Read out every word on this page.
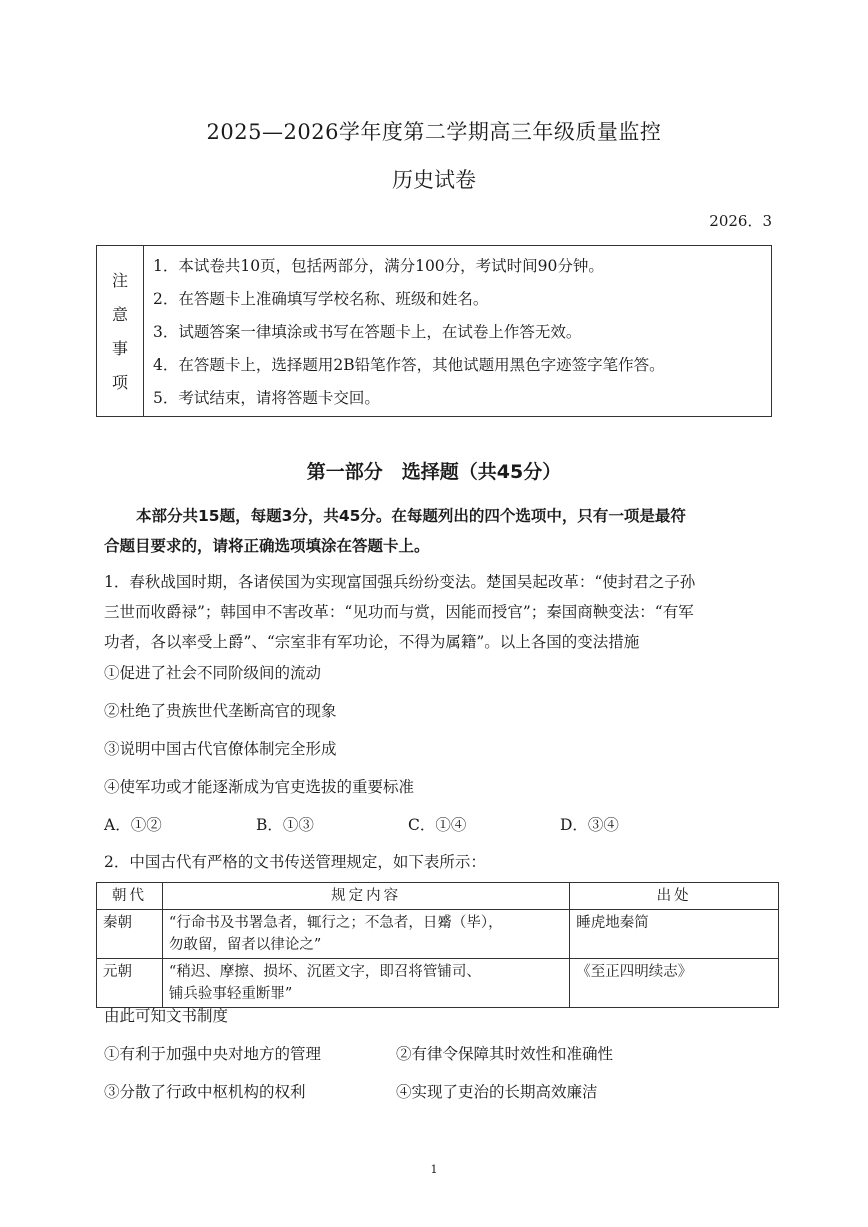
2025—2026学年度第二学期高三年级质量监控
历史试卷
2026．3
注
意
事
项
1．本试卷共10页，包括两部分，满分100分，考试时间90分钟。
2．在答题卡上准确填写学校名称、班级和姓名。
3．试题答案一律填涂或书写在答题卡上，在试卷上作答无效。
4．在答题卡上，选择题用2B铅笔作答，其他试题用黑色字迹签字笔作答。
5．考试结束，请将答题卡交回。
第一部分　选择题（共45分）
本部分共15题，每题3分，共45分。在每题列出的四个选项中，只有一项是最符
合题目要求的，请将正确选项填涂在答题卡上。
1．春秋战国时期，各诸侯国为实现富国强兵纷纷变法。楚国吴起改革：“使封君之子孙
三世而收爵禄”；韩国申不害改革：“见功而与赏，因能而授官”；秦国商鞅变法：“有军
功者，各以率受上爵”、“宗室非有军功论，不得为属籍”。以上各国的变法措施
①促进了社会不同阶级间的流动
②杜绝了贵族世代垄断高官的现象
③说明中国古代官僚体制完全形成
④使军功或才能逐渐成为官吏选拔的重要标准
A．①②	B．①③	C．①④	D．③④
2．中国古代有严格的文书传送管理规定，如下表所示：
朝代	规定内容	出处
秦朝	“行命书及书署急者，辄行之；不急者，日觱（毕），
勿敢留，留者以律论之”	睡虎地秦简
元朝	“稍迟、摩擦、损坏、沉匿文字，即召将管铺司、
铺兵验事轻重断罪”	《至正四明续志》
由此可知文书制度
①有利于加强中央对地方的管理	②有律令保障其时效性和准确性
③分散了行政中枢机构的权利	④实现了吏治的长期高效廉洁
1
